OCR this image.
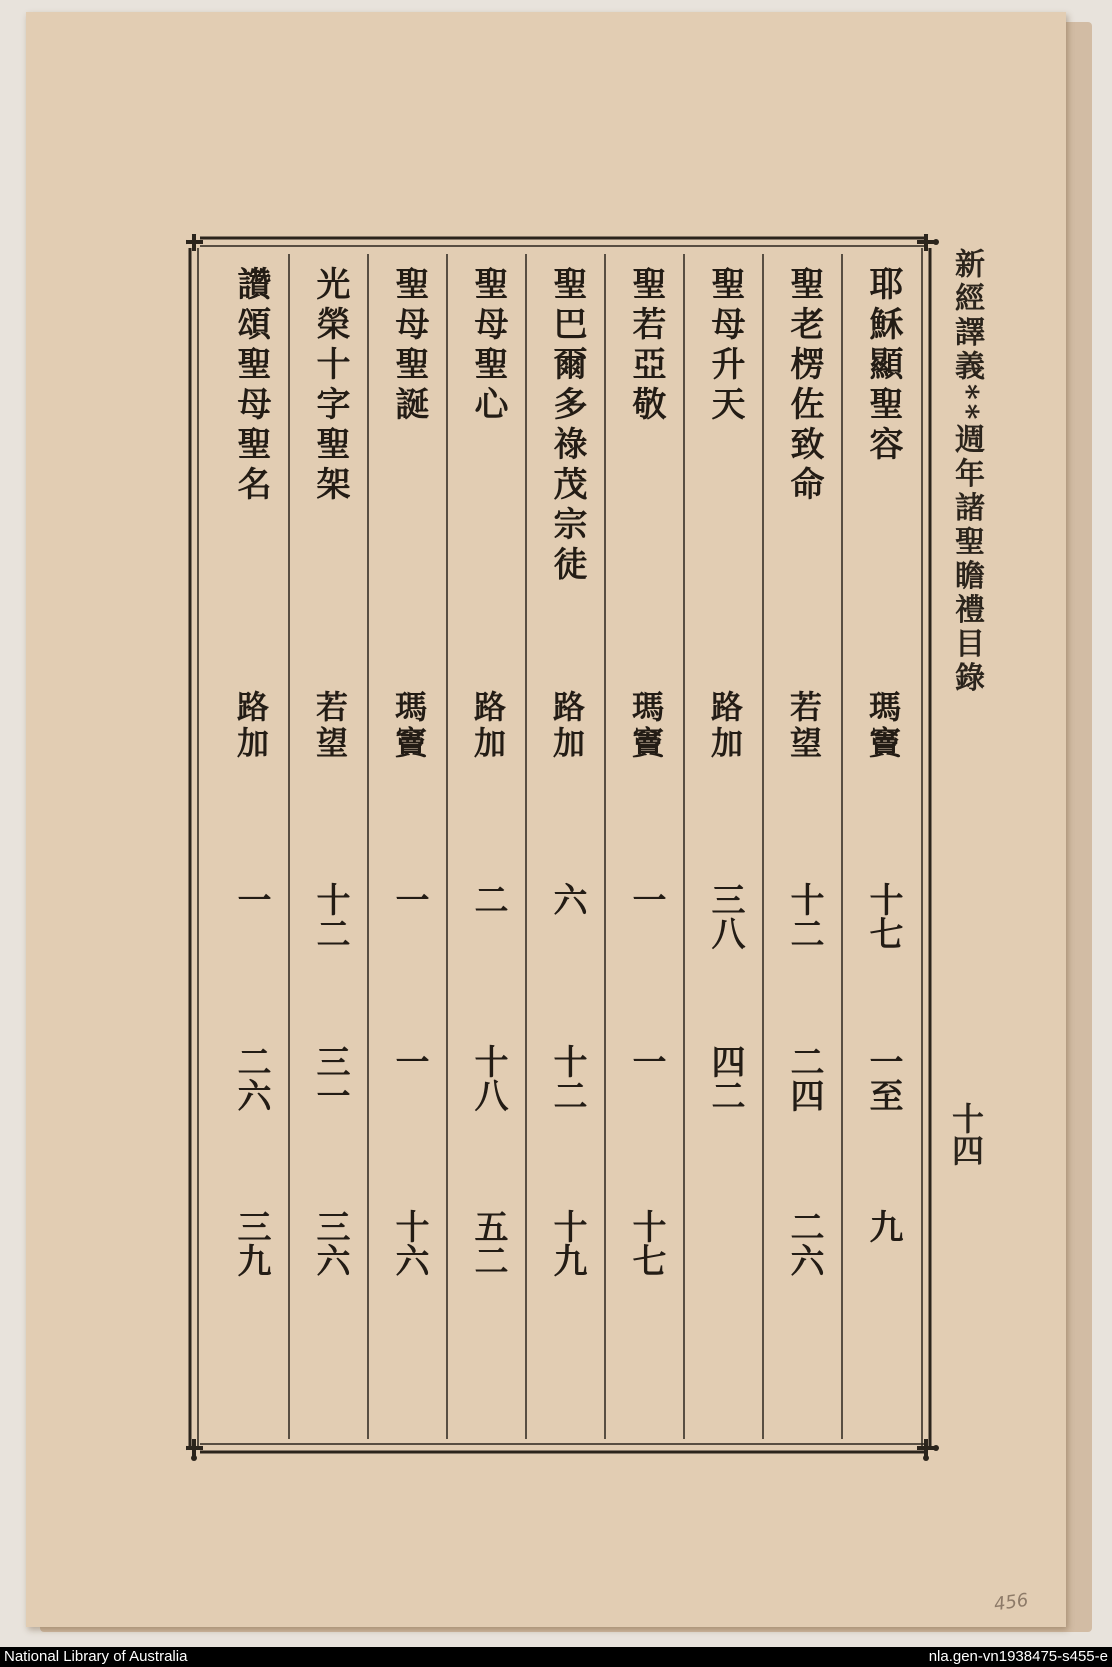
新經譯義**週年諸聖瞻禮目錄
十四
耶穌顯聖容
瑪竇
十七
一至
九
聖老楞佐致命
若望
十二
二四
二六
聖母升天
路加
三八
四二
聖若亞敬
瑪竇
一
一
十七
聖巴爾多祿茂宗徒
路加
六
十二
十九
聖母聖心
路加
二
十八
五二
聖母聖誕
瑪竇
一
一
十六
光榮十字聖架
若望
十二
三一
三六
讚頌聖母聖名
路加
一
二六
三九
456
National Library of Australia	nla.gen-vn1938475-s455-e
